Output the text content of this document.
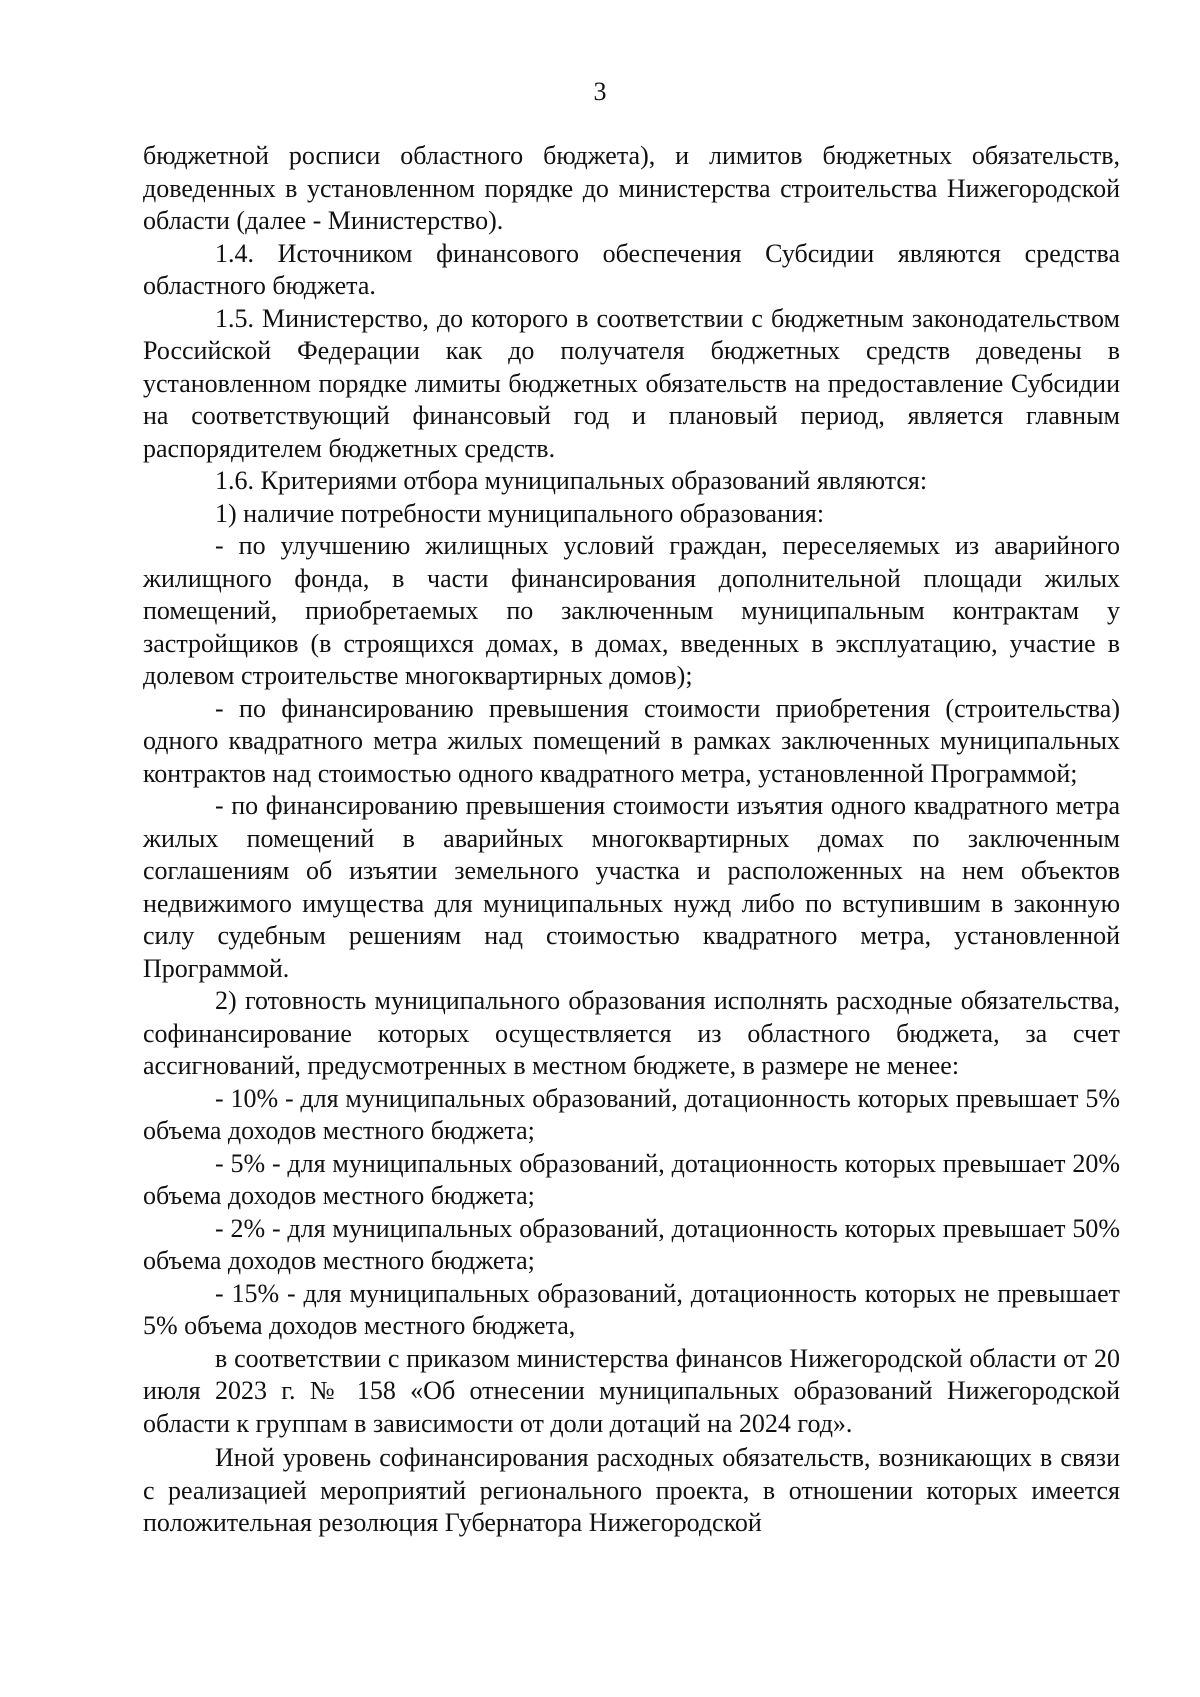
3

бюджетной росписи областного бюджета), и лимитов бюджетных обязательств, доведенных в установленном порядке до министерства строительства Нижегородской области (далее - Министерство).

1.4. Источником финансового обеспечения Субсидии являются средства областного бюджета.

1.5. Министерство, до которого в соответствии с бюджетным законодательством Российской Федерации как до получателя бюджетных средств доведены в установленном порядке лимиты бюджетных обязательств на предоставление Субсидии на соответствующий финансовый год и плановый период, является главным распорядителем бюджетных средств.

1.6. Критериями отбора муниципальных образований являются:

1) наличие потребности муниципального образования:

- по улучшению жилищных условий граждан, переселяемых из аварийного жилищного фонда, в части финансирования дополнительной площади жилых помещений, приобретаемых по заключенным муниципальным контрактам у застройщиков (в строящихся домах, в домах, введенных в эксплуатацию, участие в долевом строительстве многоквартирных домов);

- по финансированию превышения стоимости приобретения (строительства) одного квадратного метра жилых помещений в рамках заключенных муниципальных контрактов над стоимостью одного квадратного метра, установленной Программой;

- по финансированию превышения стоимости изъятия одного квадратного метра жилых помещений в аварийных многоквартирных домах по заключенным соглашениям об изъятии земельного участка и расположенных на нем объектов недвижимого имущества для муниципальных нужд либо по вступившим в законную силу судебным решениям над стоимостью квадратного метра, установленной Программой.

2) готовность муниципального образования исполнять расходные обязательства, софинансирование которых осуществляется из областного бюджета, за счет ассигнований, предусмотренных в местном бюджете, в размере не менее:

- 10% - для муниципальных образований, дотационность которых превышает 5% объема доходов местного бюджета;

- 5% - для муниципальных образований, дотационность которых превышает 20% объема доходов местного бюджета;

- 2% - для муниципальных образований, дотационность которых превышает 50% объема доходов местного бюджета;

- 15% - для муниципальных образований, дотационность которых не превышает 5% объема доходов местного бюджета,

в соответствии с приказом министерства финансов Нижегородской области от 20 июля 2023 г. № 158 «Об отнесении муниципальных образований Нижегородской области к группам в зависимости от доли дотаций на 2024 год».

Иной уровень софинансирования расходных обязательств, возникающих в связи с реализацией мероприятий регионального проекта, в отношении которых имеется положительная резолюция Губернатора Нижегородской
